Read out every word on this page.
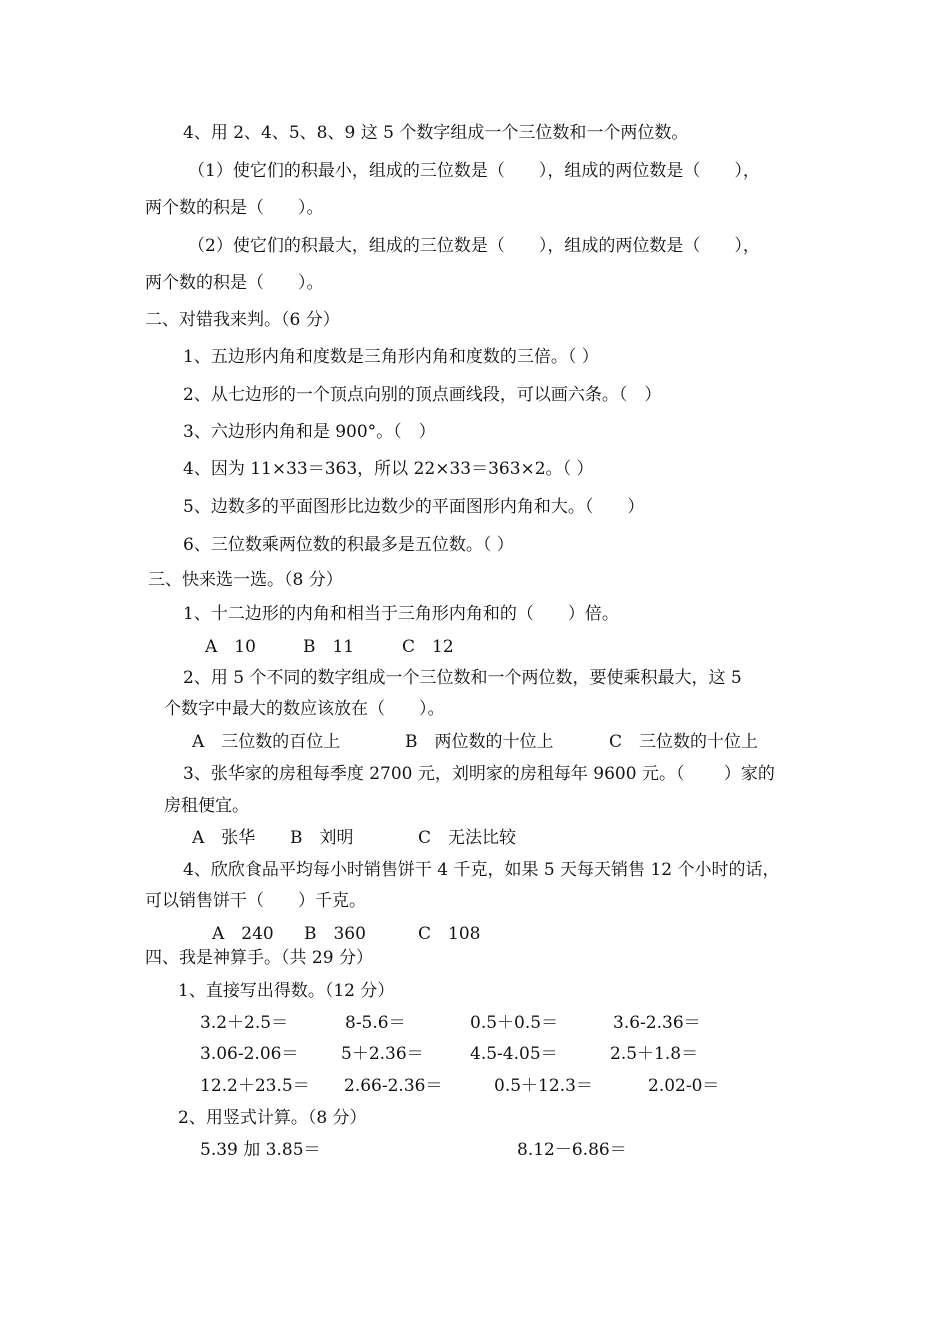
4、用 2、4、5、8、9 这 5 个数字组成一个三位数和一个两位数。
（1）使它们的积最小，组成的三位数是（　　），组成的两位数是（　　），
两个数的积是（　　）。
（2）使它们的积最大，组成的三位数是（　　），组成的两位数是（　　），
两个数的积是（　　）。
二、对错我来判。（6 分）
1、五边形内角和度数是三角形内角和度数的三倍。（ ）
2、从七边形的一个顶点向别的顶点画线段，可以画六条。（　）
3、六边形内角和是 900°。（　）
4、因为 11×33＝363，所以 22×33＝363×2。（ ）
5、边数多的平面图形比边数少的平面图形内角和大。（　　）
6、三位数乘两位数的积最多是五位数。（ ）
三、快来选一选。（8 分）
1、十二边形的内角和相当于三角形内角和的（　　）倍。
A　10	B　11	C　12
2、用 5 个不同的数字组成一个三位数和一个两位数，要使乘积最大，这 5
个数字中最大的数应该放在（　　）。
A　三位数的百位上	B　两位数的十位上	C　三位数的十位上
3、张华家的房租每季度 2700 元，刘明家的房租每年 9600 元。（　　 ）家的
房租便宜。
A　张华 B　刘明	C　无法比较
4、欣欣食品平均每小时销售饼干 4 千克，如果 5 天每天销售 12 个小时的话，
可以销售饼干（　　）千克。
A　240 B　360	C　108
四、我是神算手。（共 29 分）
1、直接写出得数。（12 分）
3.2＋2.5＝	8-5.6＝	0.5＋0.5＝	3.6-2.36＝
3.06-2.06＝	5＋2.36＝	4.5-4.05＝	2.5＋1.8＝
12.2＋23.5＝ 2.66-2.36＝	0.5＋12.3＝	2.02-0＝
2、用竖式计算。（8 分）
5.39 加 3.85＝	8.12－6.86＝
